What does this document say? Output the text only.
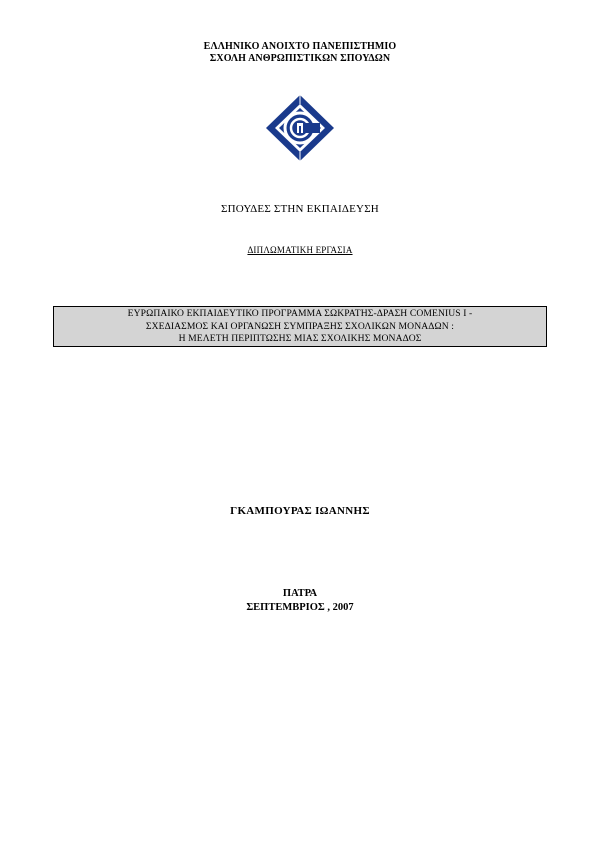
ΕΛΛΗΝΙΚΟ ΑΝΟΙΧΤΟ ΠΑΝΕΠΙΣΤΗΜΙΟ
ΣΧΟΛΗ ΑΝΘΡΩΠΙΣΤΙΚΩΝ ΣΠΟΥΔΩΝ
ΣΠΟΥΔΕΣ ΣΤΗΝ ΕΚΠΑΙΔΕΥΣΗ
ΔΙΠΛΩΜΑΤΙΚΗ ΕΡΓΑΣΙΑ
ΕΥΡΩΠΑΙΚΟ ΕΚΠΑΙΔΕΥΤΙΚΟ ΠΡΟΓΡΑΜΜΑ ΣΩΚΡΑΤΗΣ-ΔΡΑΣΗ COMENIUS I -
ΣΧΕΔΙΑΣΜΟΣ ΚΑΙ ΟΡΓΑΝΩΣΗ ΣΥΜΠΡΑΞΗΣ ΣΧΟΛΙΚΩΝ ΜΟΝΑΔΩΝ :
Η ΜΕΛΕΤΗ ΠΕΡΙΠΤΩΣΗΣ ΜΙΑΣ ΣΧΟΛΙΚΗΣ ΜΟΝΑΔΟΣ
ΓΚΑΜΠΟΥΡΑΣ ΙΩΑΝΝΗΣ
ΠΑΤΡΑ
ΣΕΠΤΕΜΒΡΙΟΣ , 2007
